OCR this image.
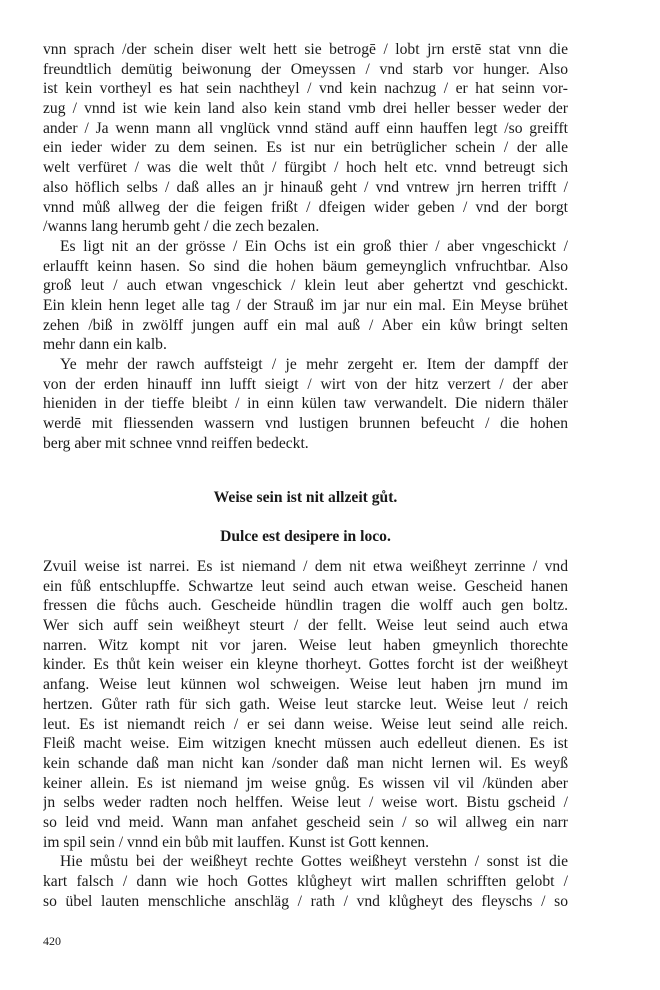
vnn sprach /der schein diser welt hett sie betrogē / lobt jrn erstē stat vnn die
freundtlich demütig beiwonung der Omeyssen / vnd starb vor hunger. Also
ist kein vortheyl es hat sein nachtheyl / vnd kein nachzug / er hat seinn vor-
zug / vnnd ist wie kein land also kein stand vmb drei heller besser weder der
ander / Ja wenn mann all vnglück vnnd ständ auff einn hauffen legt /so greifft
ein ieder wider zu dem seinen. Es ist nur ein betrüglicher schein / der alle
welt verfüret / was die welt thůt / fürgibt / hoch helt etc. vnnd betreugt sich
also höflich selbs / daß alles an jr hinauß geht / vnd vntrew jrn herren trifft /
vnnd můß allweg der die feigen frißt / dfeigen wider geben / vnd der borgt
/wanns lang herumb geht / die zech bezalen.
Es ligt nit an der grösse / Ein Ochs ist ein groß thier / aber vngeschickt /
erlaufft keinn hasen. So sind die hohen bäum gemeynglich vnfruchtbar. Also
groß leut / auch etwan vngeschick / klein leut aber gehertzt vnd geschickt.
Ein klein henn leget alle tag / der Strauß im jar nur ein mal. Ein Meyse brühet
zehen /biß in zwölff jungen auff ein mal auß / Aber ein kůw bringt selten
mehr dann ein kalb.
Ye mehr der rawch auffsteigt / je mehr zergeht er. Item der dampff der
von der erden hinauff inn lufft sieigt / wirt von der hitz verzert / der aber
hieniden in der tieffe bleibt / in einn külen taw verwandelt. Die nidern thäler
werdē mit fliessenden wassern vnd lustigen brunnen befeucht / die hohen
berg aber mit schnee vnnd reiffen bedeckt.
Weise sein ist nit allzeit gůt.
Dulce est desipere in loco.
Zvuil weise ist narrei. Es ist niemand / dem nit etwa weißheyt zerrinne / vnd
ein fůß entschlupffe. Schwartze leut seind auch etwan weise. Gescheid hanen
fressen die fůchs auch. Gescheide hündlin tragen die wolff auch gen boltz.
Wer sich auff sein weißheyt steurt / der fellt. Weise leut seind auch etwa
narren. Witz kompt nit vor jaren. Weise leut haben gmeynlich thorechte
kinder. Es thůt kein weiser ein kleyne thorheyt. Gottes forcht ist der weißheyt
anfang. Weise leut künnen wol schweigen. Weise leut haben jrn mund im
hertzen. Gůter rath für sich gath. Weise leut starcke leut. Weise leut / reich
leut. Es ist niemandt reich / er sei dann weise. Weise leut seind alle reich.
Fleiß macht weise. Eim witzigen knecht müssen auch edelleut dienen. Es ist
kein schande daß man nicht kan /sonder daß man nicht lernen wil. Es weyß
keiner allein. Es ist niemand jm weise gnůg. Es wissen vil vil /künden aber
jn selbs weder radten noch helffen. Weise leut / weise wort. Bistu gscheid /
so leid vnd meid. Wann man anfahet gescheid sein / so wil allweg ein narr
im spil sein / vnnd ein bůb mit lauffen. Kunst ist Gott kennen.
Hie můstu bei der weißheyt rechte Gottes weißheyt verstehn / sonst ist die
kart falsch / dann wie hoch Gottes klůgheyt wirt mallen schrifften gelobt /
so übel lauten menschliche anschläg / rath / vnd klůgheyt des fleyschs / so
420
